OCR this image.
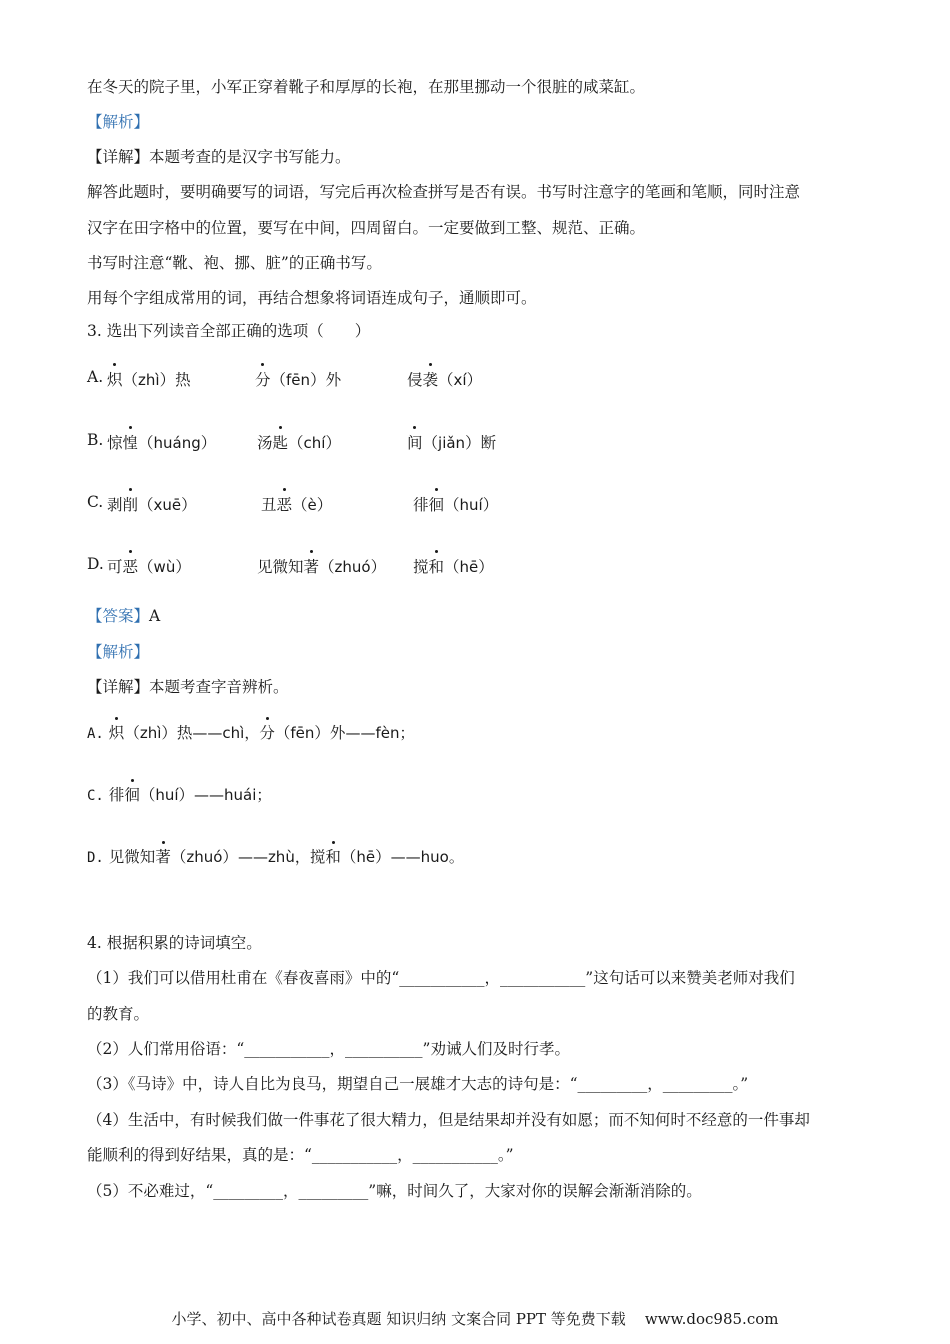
在冬天的院子里，小军正穿着靴子和厚厚的长袍，在那里挪动一个很脏的咸菜缸。
【解析】
【详解】本题考查的是汉字书写能力。
解答此题时，要明确要写的词语，写完后再次检查拼写是否有误。书写时注意字的笔画和笔顺，同时注意
汉字在田字格中的位置，要写在中间，四周留白。一定要做到工整、规范、正确。
书写时注意“靴、袍、挪、脏”的正确书写。
用每个字组成常用的词，再结合想象将词语连成句子，通顺即可。
3. 选出下列读音全部正确的选项（　　）
A. 炽（zhì）热	分（fēn）外	侵袭（xí）
B. 惊惶（huáng）	汤匙（chí）	间（jiǎn）断
C. 剥削（xuē）	丑恶（è）	徘徊（huí）
D. 可恶（wù）	见微知著（zhuó） 搅和（hē）
【答案】A
【解析】
【详解】本题考查字音辨析。
A. 炽（zhì）热——chì，分（fēn）外——fèn；
C. 徘徊（huí）——huái；
D. 见微知著（zhuó）——zhù，搅和（hē）——huo。
4. 根据积累的诗词填空。
（1）我们可以借用杜甫在《春夜喜雨》中的“___________，___________”这句话可以来赞美老师对我们
的教育。
（2）人们常用俗语：“___________，__________”劝诫人们及时行孝。
（3）《马诗》中，诗人自比为良马，期望自己一展雄才大志的诗句是：“_________，_________。”
（4）生活中，有时候我们做一件事花了很大精力，但是结果却并没有如愿；而不知何时不经意的一件事却
能顺利的得到好结果，真的是：“___________，___________。”
（5）不必难过，“_________，_________”嘛，时间久了，大家对你的误解会渐渐消除的。
小学、初中、高中各种试卷真题 知识归纳 文案合同 PPT 等免费下载 www.doc985.com
